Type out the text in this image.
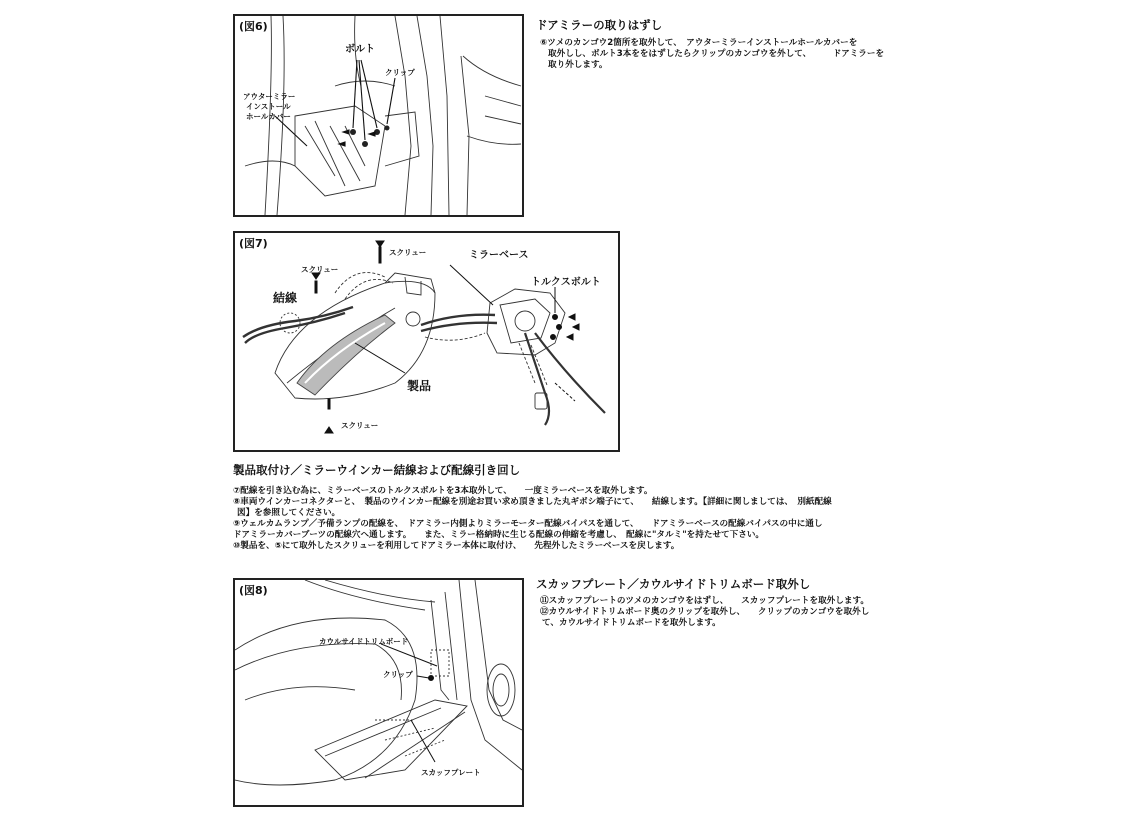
(図6)
ボルト
クリップ
アウターミラー
インストール
ホールカバー
ドアミラーの取りはずし
⑥ツメのカンゴウ2箇所を取外して、　アウターミラーインストールホールカバーを
取外しし、ボルト3本ををはずしたらクリップのカンゴウを外して、　　　ドアミラーを
取り外します。
(図7)
スクリュー
スクリュー
スクリュー
ミラーベース
トルクスボルト
結線
製品
製品取付け／ミラーウインカー結線および配線引き回し
⑦配線を引き込む為に、ミラーベースのトルクスボルトを3本取外して、　　一度ミラーベースを取外します。
⑧車両ウインカーコネクターと、　製品のウインカー配線を別途お買い求め頂きました丸ギボシ端子にて、　　結線します。【詳細に関しましては、　別紙配線
図】を参照してください。
⑨ウェルカムランプ／予備ランプの配線を、　ドアミラー内側よりミラーモーター配線バイパスを通して、　　ドアミラーベースの配線バイパスの中に通し
ドアミラーカバーブーツの配線穴へ通します。　　また、ミラー格納時に生じる配線の伸縮を考慮し、　配線に"タルミ"を持たせて下さい。
⑩製品を、⑤にて取外したスクリューを利用してドアミラー本体に取付け、　　先程外したミラーベースを戻します。
(図8)
カウルサイドトリムボード
クリップ
スカッフプレート
スカッフプレート／カウルサイドトリムボード取外し
⑪スカッフプレートのツメのカンゴウをはずし、　　スカッフプレートを取外します。
⑫カウルサイドトリムボード奥のクリップを取外し、　　クリップのカンゴウを取外し
て、カウルサイドトリムボードを取外します。
